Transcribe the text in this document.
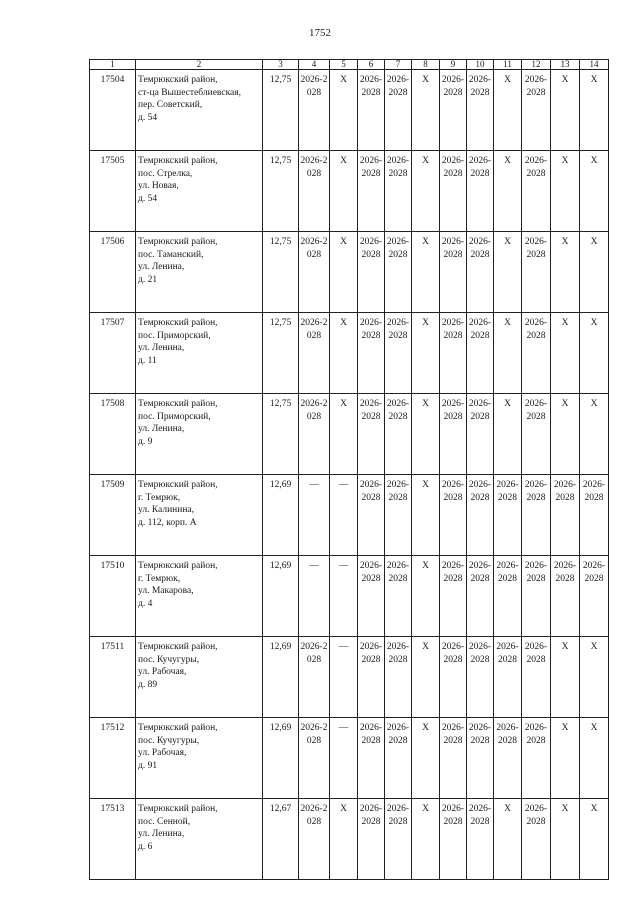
1752
1	2	3	4	5	6	7	8	9	10	11	12	13	14
17504	Темрюкский район,
ст-ца Вышестеблиевская,
пер. Советский,
д. 54	12,75	2026-2028	X	2026-2028	2026-2028	X	2026-2028	2026-2028	X	2026-2028	X	X
17505	Темрюкский район,
пос. Стрелка,
ул. Новая,
д. 54	12,75	2026-2028	X	2026-2028	2026-2028	X	2026-2028	2026-2028	X	2026-2028	X	X
17506	Темрюкский район,
пос. Таманский,
ул. Ленина,
д. 21	12,75	2026-2028	X	2026-2028	2026-2028	X	2026-2028	2026-2028	X	2026-2028	X	X
17507	Темрюкский район,
пос. Приморский,
ул. Ленина,
д. 11	12,75	2026-2028	X	2026-2028	2026-2028	X	2026-2028	2026-2028	X	2026-2028	X	X
17508	Темрюкский район,
пос. Приморский,
ул. Ленина,
д. 9	12,75	2026-2028	X	2026-2028	2026-2028	X	2026-2028	2026-2028	X	2026-2028	X	X
17509	Темрюкский район,
г. Темрюк,
ул. Калинина,
д. 112, корп. А	12,69	—	—	2026-2028	2026-2028	X	2026-2028	2026-2028	2026-2028	2026-2028	2026-2028	2026-2028
17510	Темрюкский район,
г. Темрюк,
ул. Макарова,
д. 4	12,69	—	—	2026-2028	2026-2028	X	2026-2028	2026-2028	2026-2028	2026-2028	2026-2028	2026-2028
17511	Темрюкский район,
пос. Кучугуры,
ул. Рабочая,
д. 89	12,69	2026-2028	—	2026-2028	2026-2028	X	2026-2028	2026-2028	2026-2028	2026-2028	X	X
17512	Темрюкский район,
пос. Кучугуры,
ул. Рабочая,
д. 91	12,69	2026-2028	—	2026-2028	2026-2028	X	2026-2028	2026-2028	2026-2028	2026-2028	X	X
17513	Темрюкский район,
пос. Сенной,
ул. Ленина,
д. 6	12,67	2026-2028	X	2026-2028	2026-2028	X	2026-2028	2026-2028	X	2026-2028	X	X
